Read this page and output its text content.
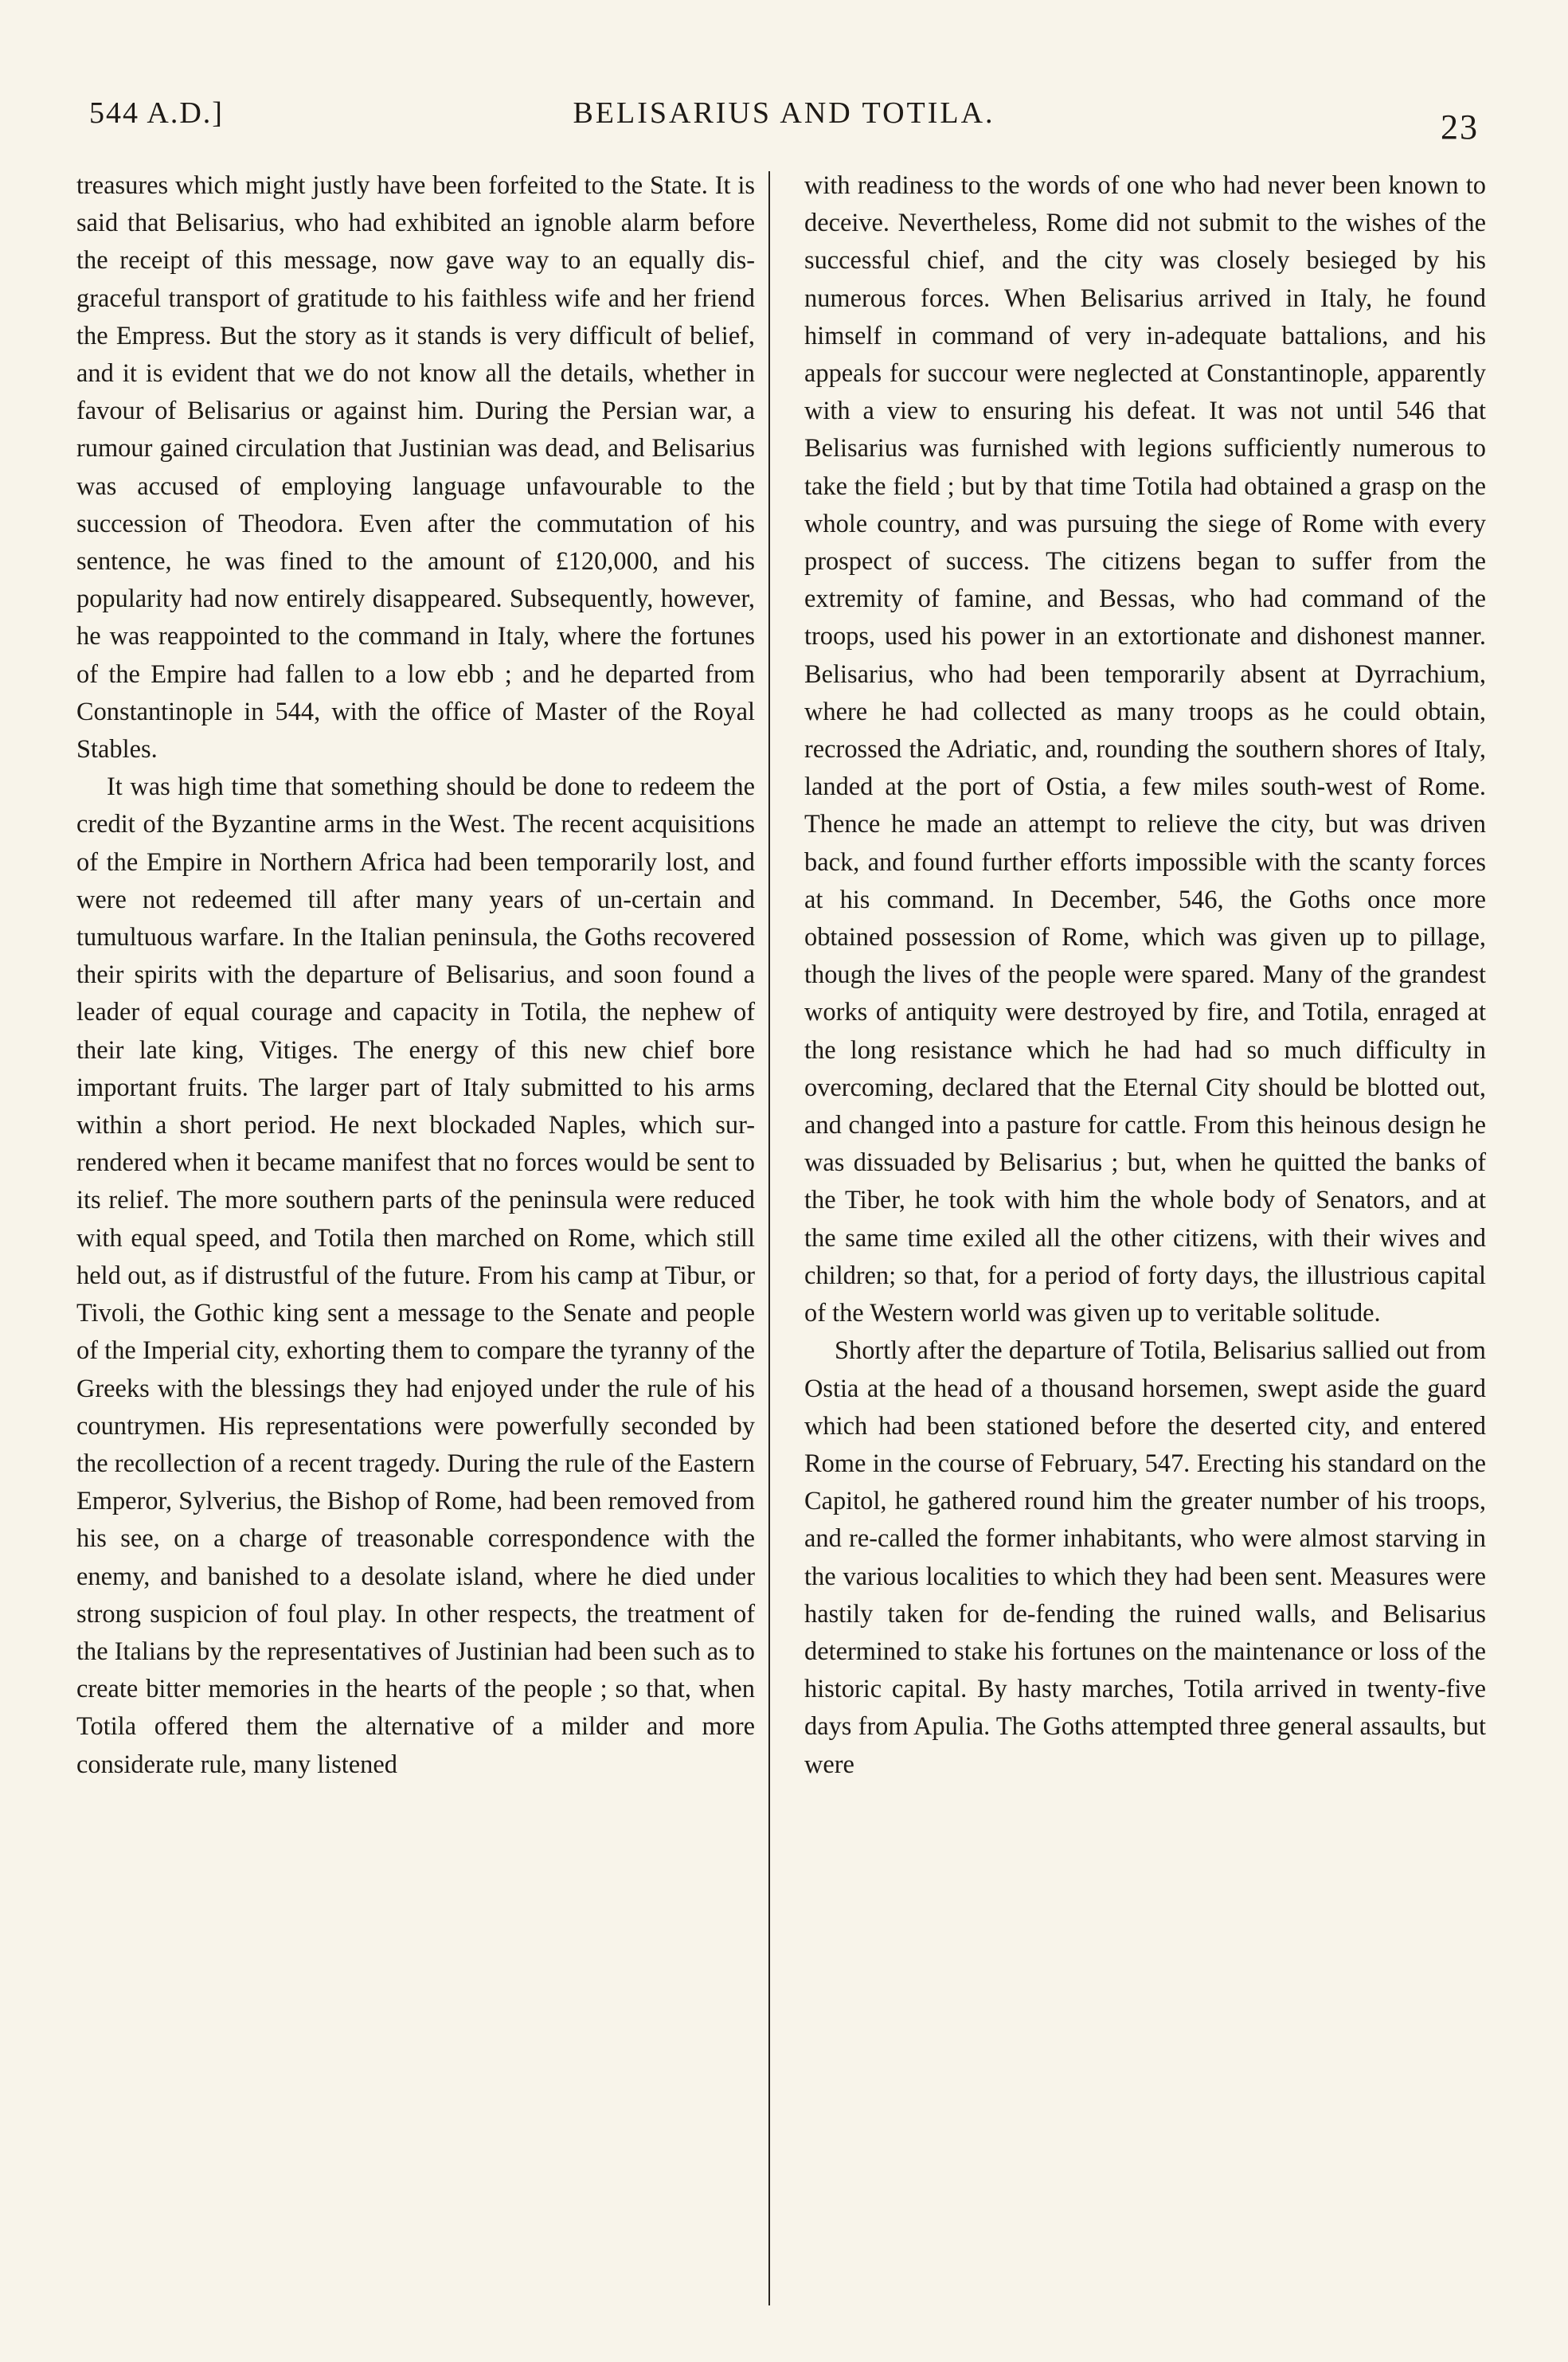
544 A.D.]	BELISARIUS AND TOTILA.	23

treasures which might justly have been forfeited to the State. It is said that Belisarius, who had exhibited an ignoble alarm before the receipt of this message, now gave way to an equally dis-graceful transport of gratitude to his faithless wife and her friend the Empress. But the story as it stands is very difficult of belief, and it is evident that we do not know all the details, whether in favour of Belisarius or against him. During the Persian war, a rumour gained circulation that Justinian was dead, and Belisarius was accused of employing language unfavourable to the succession of Theodora. Even after the commutation of his sentence, he was fined to the amount of £120,000, and his popularity had now entirely disappeared. Subsequently, however, he was reappointed to the command in Italy, where the fortunes of the Empire had fallen to a low ebb ; and he departed from Constantinople in 544, with the office of Master of the Royal Stables.

It was high time that something should be done to redeem the credit of the Byzantine arms in the West. The recent acquisitions of the Empire in Northern Africa had been temporarily lost, and were not redeemed till after many years of un-certain and tumultuous warfare. In the Italian peninsula, the Goths recovered their spirits with the departure of Belisarius, and soon found a leader of equal courage and capacity in Totila, the nephew of their late king, Vitiges. The energy of this new chief bore important fruits. The larger part of Italy submitted to his arms within a short period. He next blockaded Naples, which sur-rendered when it became manifest that no forces would be sent to its relief. The more southern parts of the peninsula were reduced with equal speed, and Totila then marched on Rome, which still held out, as if distrustful of the future. From his camp at Tibur, or Tivoli, the Gothic king sent a message to the Senate and people of the Imperial city, exhorting them to compare the tyranny of the Greeks with the blessings they had enjoyed under the rule of his countrymen. His representations were powerfully seconded by the recollection of a recent tragedy. During the rule of the Eastern Emperor, Sylverius, the Bishop of Rome, had been removed from his see, on a charge of treasonable correspondence with the enemy, and banished to a desolate island, where he died under strong suspicion of foul play. In other respects, the treatment of the Italians by the representatives of Justinian had been such as to create bitter memories in the hearts of the people ; so that, when Totila offered them the alternative of a milder and more considerate rule, many listened

with readiness to the words of one who had never been known to deceive. Nevertheless, Rome did not submit to the wishes of the successful chief, and the city was closely besieged by his numerous forces. When Belisarius arrived in Italy, he found himself in command of very in-adequate battalions, and his appeals for succour were neglected at Constantinople, apparently with a view to ensuring his defeat. It was not until 546 that Belisarius was furnished with legions sufficiently numerous to take the field ; but by that time Totila had obtained a grasp on the whole country, and was pursuing the siege of Rome with every prospect of success. The citizens began to suffer from the extremity of famine, and Bessas, who had command of the troops, used his power in an extortionate and dishonest manner. Belisarius, who had been temporarily absent at Dyrrachium, where he had collected as many troops as he could obtain, recrossed the Adriatic, and, rounding the southern shores of Italy, landed at the port of Ostia, a few miles south-west of Rome. Thence he made an attempt to relieve the city, but was driven back, and found further efforts impossible with the scanty forces at his command. In December, 546, the Goths once more obtained possession of Rome, which was given up to pillage, though the lives of the people were spared. Many of the grandest works of antiquity were destroyed by fire, and Totila, enraged at the long resistance which he had had so much difficulty in overcoming, declared that the Eternal City should be blotted out, and changed into a pasture for cattle. From this heinous design he was dissuaded by Belisarius ; but, when he quitted the banks of the Tiber, he took with him the whole body of Senators, and at the same time exiled all the other citizens, with their wives and children; so that, for a period of forty days, the illustrious capital of the Western world was given up to veritable solitude.

Shortly after the departure of Totila, Belisarius sallied out from Ostia at the head of a thousand horsemen, swept aside the guard which had been stationed before the deserted city, and entered Rome in the course of February, 547. Erecting his standard on the Capitol, he gathered round him the greater number of his troops, and re-called the former inhabitants, who were almost starving in the various localities to which they had been sent. Measures were hastily taken for de-fending the ruined walls, and Belisarius determined to stake his fortunes on the maintenance or loss of the historic capital. By hasty marches, Totila arrived in twenty-five days from Apulia. The Goths attempted three general assaults, but were
